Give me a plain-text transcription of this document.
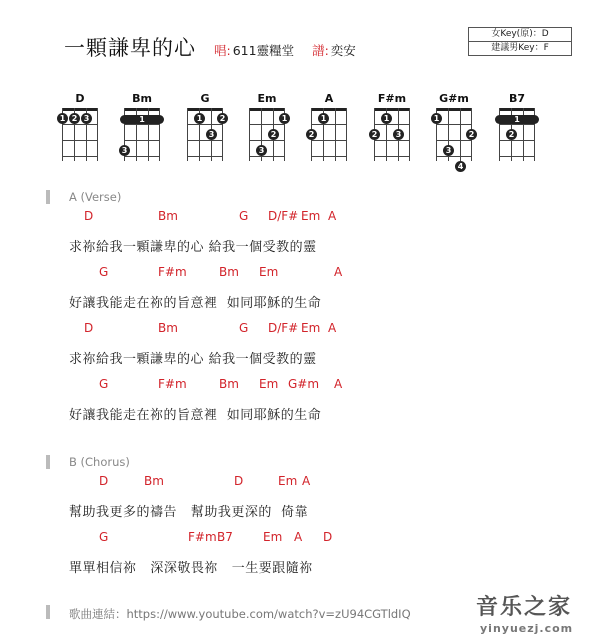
一顆謙卑的心 唱: 611靈糧堂 譜: 奕安
女Key(原)：D
建議男Key：F
D
1 2 3
Bm
1
3
G
1	2
3
Em
1
2
3
A
1
2
F#m
1
2	3
G#m
1
2
3
4
B7
1
2
A (Verse)
D	Bm	G D/F# Em A
求祢給我一顆謙卑的心 給我一個受教的靈
G	F#m	Bm Em	A
好讓我能走在祢的旨意裡  如同耶穌的生命
D	Bm	G D/F# Em A
求祢給我一顆謙卑的心 給我一個受教的靈
G	F#m	Bm Em G#m A
好讓我能走在祢的旨意裡  如同耶穌的生命
B (Chorus)
D	Bm	D	Em A
幫助我更多的禱告   幫助我更深的  倚靠
G	F#m B7	Em A D
單單相信祢   深深敬畏祢   一生要跟隨祢
歌曲連結：https://www.youtube.com/watch?v=zU94CGTldIQ	音乐之家
yinyuezj.com
